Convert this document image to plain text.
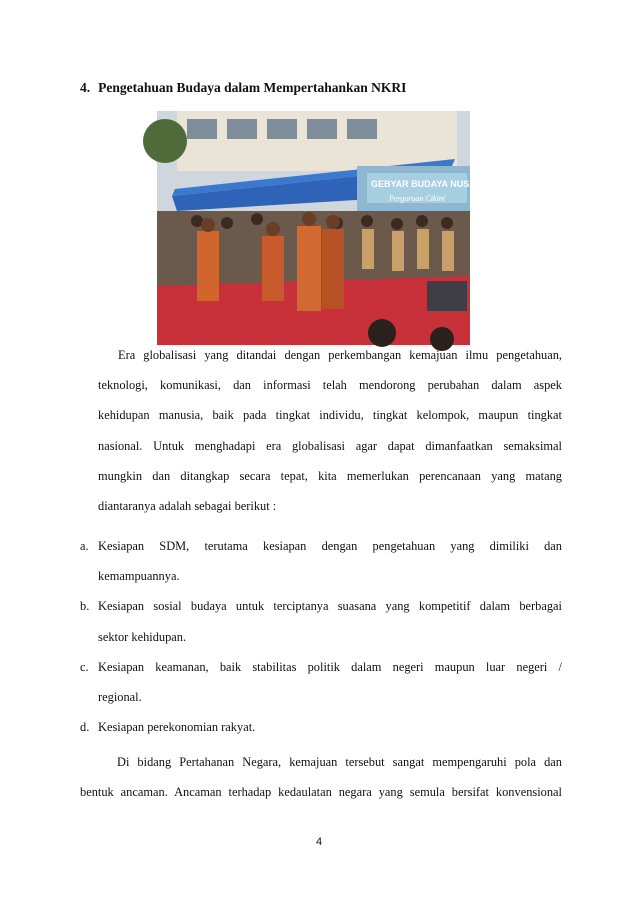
4. Pengetahuan Budaya dalam Mempertahankan NKRI
GEBYAR BUDAYA NUSANT
Perguruan Cikini
Era globalisasi yang ditandai dengan perkembangan kemajuan ilmu pengetahuan,
teknologi, komunikasi, dan informasi telah mendorong perubahan dalam aspek
kehidupan manusia, baik pada tingkat individu, tingkat kelompok, maupun tingkat
nasional. Untuk menghadapi era globalisasi agar dapat dimanfaatkan semaksimal
mungkin dan ditangkap secara tepat, kita memerlukan perencanaan yang matang
diantaranya adalah sebagai berikut :
a. Kesiapan SDM, terutama kesiapan dengan pengetahuan yang dimiliki dan
kemampuannya.
b. Kesiapan sosial budaya untuk terciptanya suasana yang kompetitif dalam berbagai
sektor kehidupan.
c. Kesiapan keamanan, baik stabilitas politik dalam negeri maupun luar negeri /
regional.
d. Kesiapan perekonomian rakyat.
Di bidang Pertahanan Negara, kemajuan tersebut sangat mempengaruhi pola dan
bentuk ancaman. Ancaman terhadap kedaulatan negara yang semula bersifat konvensional
4
